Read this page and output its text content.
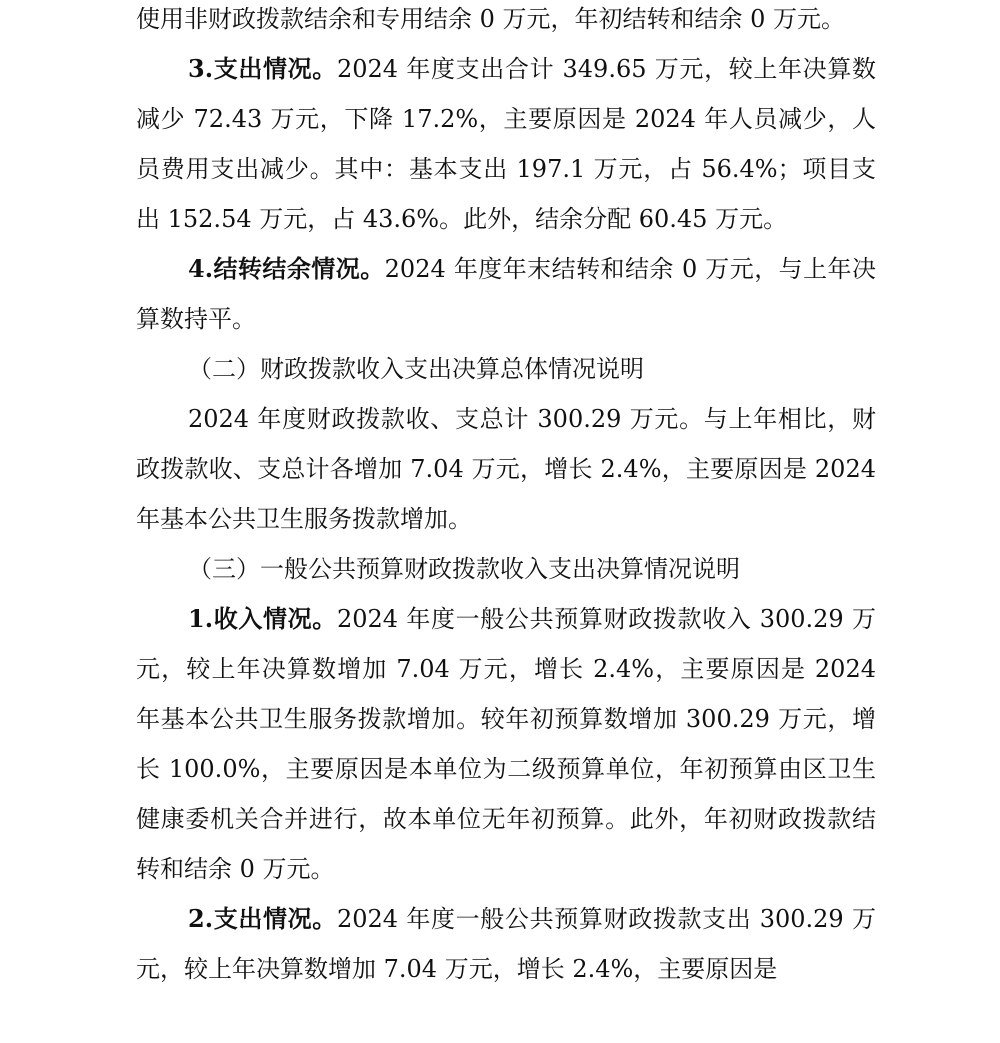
使用非财政拨款结余和专用结余 0 万元，年初结转和结余 0 万元。

3.支出情况。2024 年度支出合计 349.65 万元，较上年决算数减少 72.43 万元，下降 17.2%，主要原因是 2024 年人员减少，人员费用支出减少。其中：基本支出 197.1 万元，占 56.4%；项目支出 152.54 万元，占 43.6%。此外，结余分配 60.45 万元。

4.结转结余情况。2024 年度年末结转和结余 0 万元，与上年决算数持平。

（二）财政拨款收入支出决算总体情况说明

2024 年度财政拨款收、支总计 300.29 万元。与上年相比，财政拨款收、支总计各增加 7.04 万元，增长 2.4%，主要原因是 2024 年基本公共卫生服务拨款增加。

（三）一般公共预算财政拨款收入支出决算情况说明

1.收入情况。2024 年度一般公共预算财政拨款收入 300.29 万元，较上年决算数增加 7.04 万元，增长 2.4%，主要原因是 2024 年基本公共卫生服务拨款增加。较年初预算数增加 300.29 万元，增长 100.0%，主要原因是本单位为二级预算单位，年初预算由区卫生健康委机关合并进行，故本单位无年初预算。此外，年初财政拨款结转和结余 0 万元。

2.支出情况。2024 年度一般公共预算财政拨款支出 300.29 万元，较上年决算数增加 7.04 万元，增长 2.4%，主要原因是
